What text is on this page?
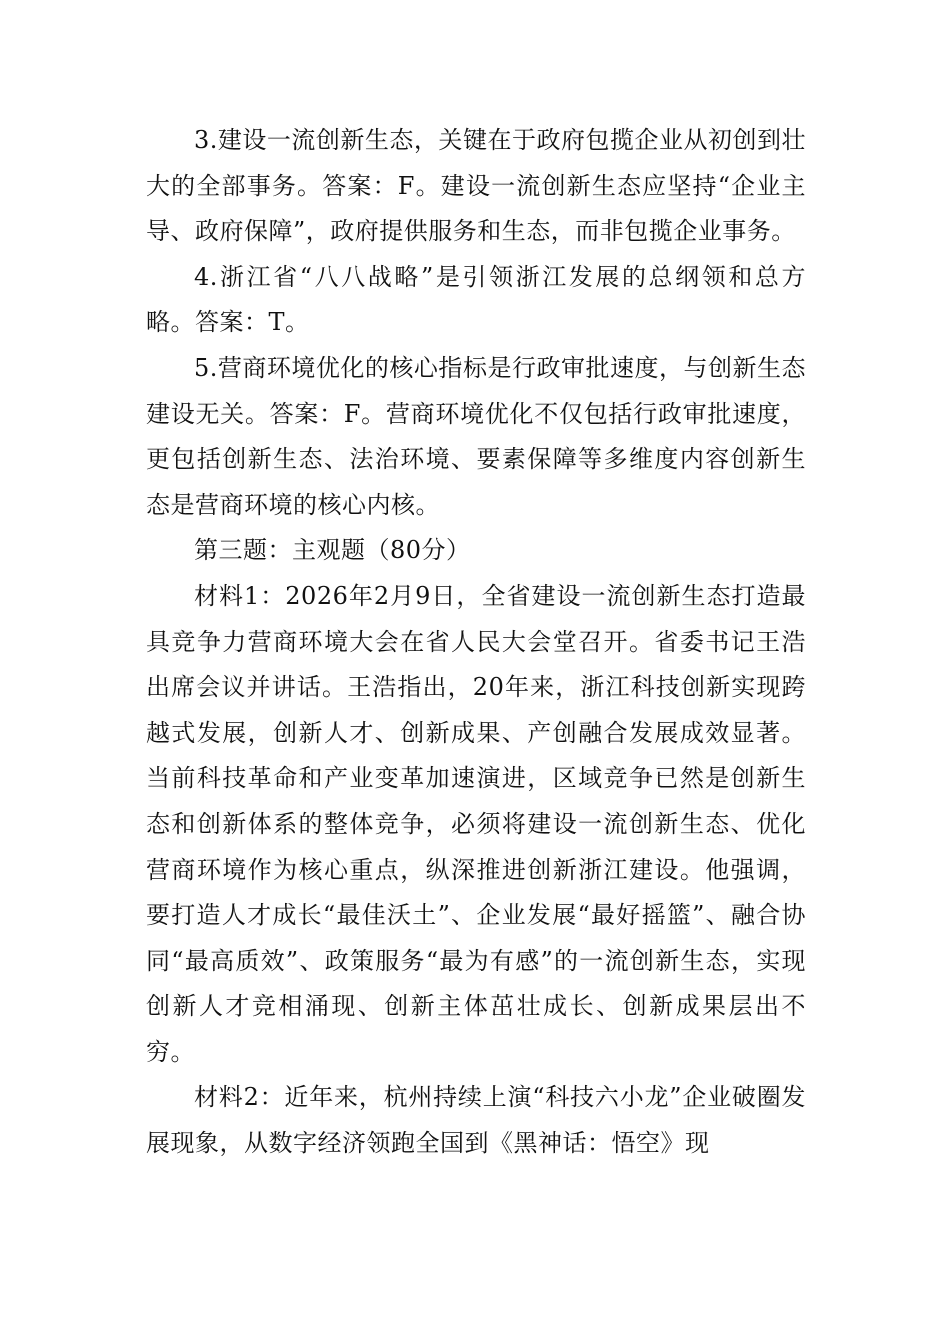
3.建设一流创新生态，关键在于政府包揽企业从初创到壮大的全部事务。答案：F。建设一流创新生态应坚持“企业主导、政府保障”，政府提供服务和生态，而非包揽企业事务。

4.浙江省“八八战略”是引领浙江发展的总纲领和总方略。答案：T。

5.营商环境优化的核心指标是行政审批速度，与创新生态建设无关。答案：F。营商环境优化不仅包括行政审批速度，更包括创新生态、法治环境、要素保障等多维度内容创新生态是营商环境的核心内核。

第三题：主观题（80分）

材料1：2026年2月9日，全省建设一流创新生态打造最具竞争力营商环境大会在省人民大会堂召开。省委书记王浩出席会议并讲话。王浩指出，20年来，浙江科技创新实现跨越式发展，创新人才、创新成果、产创融合发展成效显著。当前科技革命和产业变革加速演进，区域竞争已然是创新生态和创新体系的整体竞争，必须将建设一流创新生态、优化营商环境作为核心重点，纵深推进创新浙江建设。他强调，要打造人才成长“最佳沃土”、企业发展“最好摇篮”、融合协同“最高质效”、政策服务“最为有感”的一流创新生态，实现创新人才竞相涌现、创新主体茁壮成长、创新成果层出不穷。

材料2：近年来，杭州持续上演“科技六小龙”企业破圈发展现象，从数字经济领跑全国到《黑神话：悟空》现
